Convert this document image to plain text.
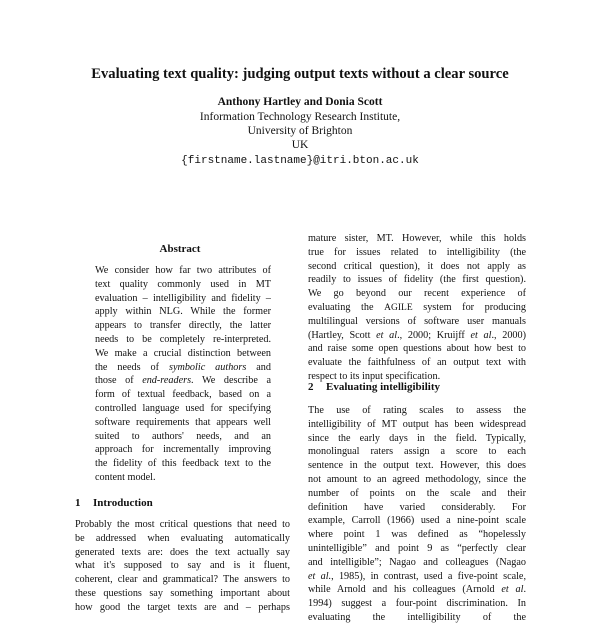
Evaluating text quality: judging output texts without a clear source
Anthony Hartley and Donia Scott
Information Technology Research Institute,
University of Brighton
UK
{firstname.lastname}@itri.bton.ac.uk
Abstract
We consider how far two attributes of
text quality commonly used in MT
evaluation – intelligibility and fidelity –
apply within NLG. While the former
appears to transfer directly, the latter
needs to be completely re-interpreted.
We make a crucial distinction between
the needs of symbolic authors and
those of end-readers. We describe a
form of textual feedback, based on a
controlled language used for specifying
software requirements that appears well
suited to authors' needs, and an
approach for incrementally improving
the fidelity of this feedback text to the
content model.
1 Introduction
Probably the most critical questions that need to
be addressed when evaluating automatically
generated texts are: does the text actually say
what it's supposed to say and is it fluent,
coherent, clear and grammatical? The answers to
these questions say something important about
how good the target texts are and – perhaps
mature sister, MT. However, while this holds
true for issues related to intelligibility (the
second critical question), it does not apply as
readily to issues of fidelity (the first question).
We go beyond our recent experience of
evaluating the AGILE system for producing
multilingual versions of software user manuals
(Hartley, Scott et al., 2000; Kruijff et al., 2000)
and raise some open questions about how best to
evaluate the faithfulness of an output text with
respect to its input specification.
2 Evaluating intelligibility
The use of rating scales to assess the
intelligibility of MT output has been widespread
since the early days in the field. Typically,
monolingual raters assign a score to each
sentence in the output text. However, this does
not amount to an agreed methodology, since the
number of points on the scale and their
definition have varied considerably. For
example, Carroll (1966) used a nine-point scale
where point 1 was defined as “hopelessly
unintelligible” and point 9 as “perfectly clear
and intelligible”; Nagao and colleagues (Nagao
et al., 1985), in contrast, used a five-point scale,
while Arnold and his colleagues (Arnold et al.
1994) suggest a four-point discrimination. In
evaluating the intelligibility of the
